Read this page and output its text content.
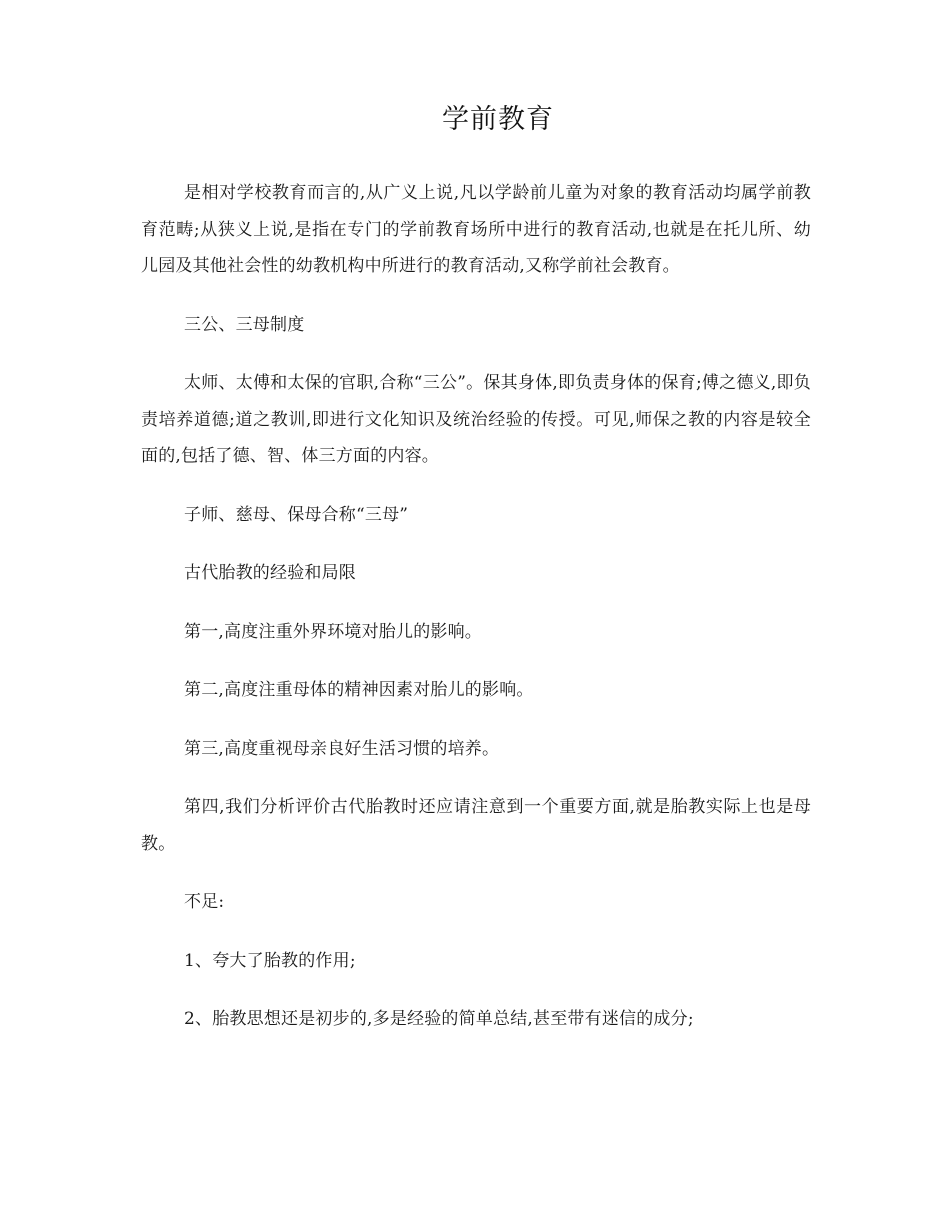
学前教育

是相对学校教育而言的,从广义上说,凡以学龄前儿童为对象的教育活动均属学前教育范畴;从狭义上说,是指在专门的学前教育场所中进行的教育活动,也就是在托儿所、幼儿园及其他社会性的幼教机构中所进行的教育活动,又称学前社会教育。

三公、三母制度

太师、太傅和太保的官职,合称“三公”。保其身体,即负责身体的保育;傅之德义,即负责培养道德;道之教训,即进行文化知识及统治经验的传授。可见,师保之教的内容是较全面的,包括了德、智、体三方面的内容。

子师、慈母、保母合称“三母”

古代胎教的经验和局限

第一,高度注重外界环境对胎儿的影响。

第二,高度注重母体的精神因素对胎儿的影响。

第三,高度重视母亲良好生活习惯的培养。

第四,我们分析评价古代胎教时还应请注意到一个重要方面,就是胎教实际上也是母教。

不足:

1、夸大了胎教的作用;

2、胎教思想还是初步的,多是经验的简单总结,甚至带有迷信的成分;
